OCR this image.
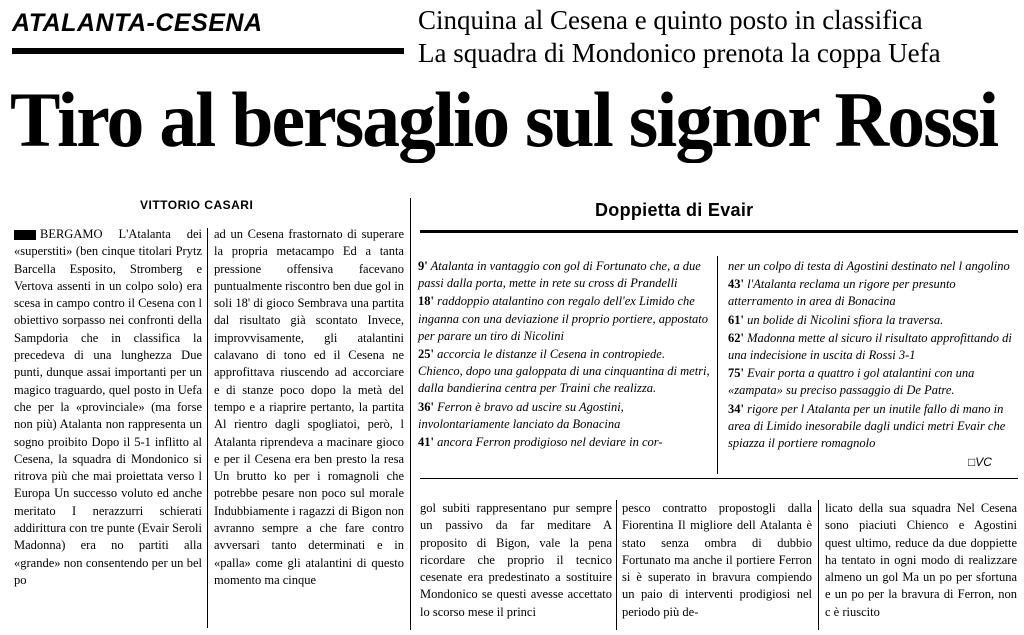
ATALANTA-CESENA	Cinquina al Cesena e quinto posto in classifica
La squadra di Mondonico prenota la coppa Uefa
Tiro al bersaglio sul signor Rossi
VITTORIO CASARI

BERGAMO L'Atalanta dei «superstiti» (ben cinque titolari Prytz Barcella Esposito, Stromberg e Vertova assenti in un colpo solo) era scesa in campo contro il Cesena con l obiettivo sorpasso nei confronti della Sampdoria che in classifica la precedeva di una lunghezza Due punti, dunque assai importanti per un magico traguardo, quel posto in Uefa che per la «provinciale» (ma forse non più) Atalanta non rappresenta un sogno proibito Dopo il 5-1 inflitto al Cesena, la squadra di Mondonico si ritrova più che mai proiettata verso l Europa Un successo voluto ed anche meritato I nerazzurri schierati addirittura con tre punte (Evair Seroli Madonna) era no partiti alla «grande» non consentendo per un bel po

ad un Cesena frastornato di superare la propria metacampo Ed a tanta pressione offensiva facevano puntualmente riscontro ben due gol in soli 18' di gioco Sembrava una partita dal risultato già scontato Invece, improvvisamente, gli atalantini calavano di tono ed il Cesena ne approfittava riuscendo ad accorciare e di stanze poco dopo la metà del tempo e a riaprire pertanto, la partita Al rientro dagli spogliatoi, però, l Atalanta riprendeva a macinare gioco e per il Cesena era ben presto la resa Un brutto ko per i romagnoli che potrebbe pesare non poco sul morale Indubbiamente i ragazzi di Bigon non avranno sempre a che fare contro avversari tanto determinati e in «palla» come gli atalantini di questo momento ma cinque

Doppietta di Evair

9' Atalanta in vantaggio con gol di Fortunato che, a due passi dalla porta, mette in rete su cross di Prandelli

18' raddoppio atalantino con regalo dell'ex Limido che inganna con una deviazione il proprio portiere, appostato per parare un tiro di Nicolini

25' accorcia le distanze il Cesena in contropiede. Chienco, dopo una galoppata di una cinquantina di metri, dalla bandierina centra per Traini che realizza.

36' Ferron è bravo ad uscire su Agostini, involontariamente lanciato da Bonacina

41' ancora Ferron prodigioso nel deviare in cor-

ner un colpo di testa di Agostini destinato nel l angolino

43' l'Atalanta reclama un rigore per presunto atterramento in area di Bonacina

61' un bolide di Nicolini sfiora la traversa.

62' Madonna mette al sicuro il risultato approfittando di una indecisione in uscita di Rossi 3-1

75' Evair porta a quattro i gol atalantini con una «zampata» su preciso passaggio di De Patre.

34' rigore per l Atalanta per un inutile fallo di mano in area di Limido inesorabile dagli undici metri Evair che spiazza il portiere romagnolo

□VC

gol subiti rappresentano pur sempre un passivo da far meditare A proposito di Bigon, vale la pena ricordare che proprio il tecnico cesenate era predestinato a sostituire Mondonico se questi avesse accettato lo scorso mese il princi

pesco contratto propostogli dalla Fiorentina Il migliore dell Atalanta è stato senza ombra di dubbio Fortunato ma anche il portiere Ferron si è superato in bravura compiendo un paio di interventi prodigiosi nel periodo più de-

licato della sua squadra Nel Cesena sono piaciuti Chienco e Agostini quest ultimo, reduce da due doppiette ha tentato in ogni modo di realizzare almeno un gol Ma un po per sfortuna e un po per la bravura di Ferron, non c è riuscito
